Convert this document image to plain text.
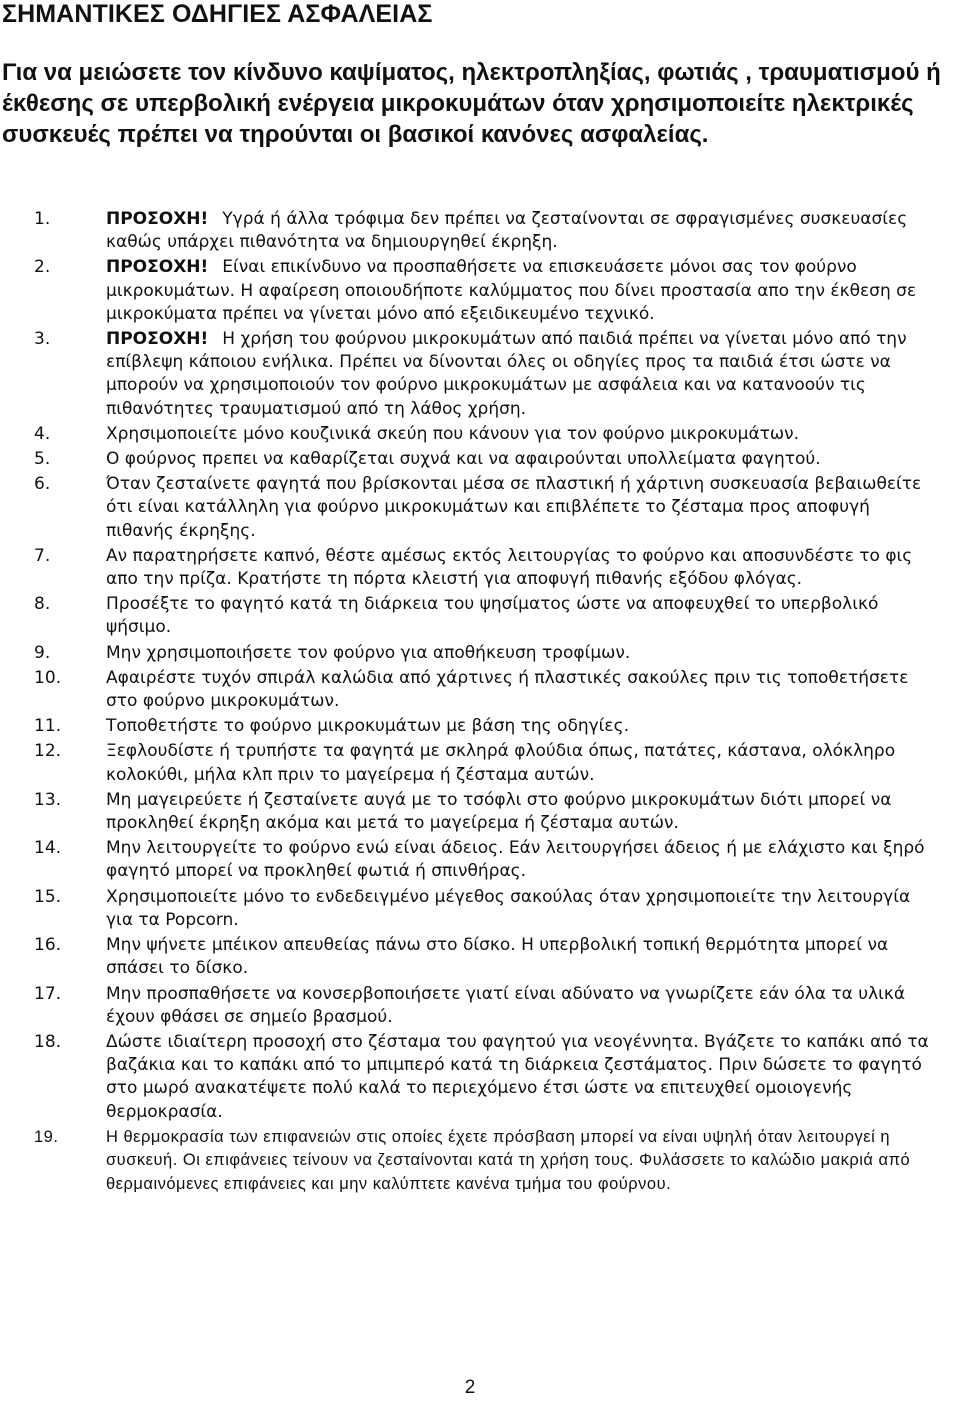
ΣΗΜΑΝΤΙΚΕΣ ΟΔΗΓΙΕΣ ΑΣΦΑΛΕΙΑΣ

Για να μειώσετε τον κίνδυνο καψίματος, ηλεκτροπληξίας, φωτιάς , τραυματισμού ή έκθεσης σε υπερβολική ενέργεια μικροκυμάτων όταν χρησιμοποιείτε ηλεκτρικές συσκευές πρέπει να τηρούνται οι βασικοί κανόνες ασφαλείας.

1.	ΠΡΟΣΟΧΗ! Υγρά ή άλλα τρόφιμα δεν πρέπει να ζεσταίνονται σε σφραγισμένες συσκευασίες καθώς υπάρχει πιθανότητα να δημιουργηθεί έκρηξη.
2.	ΠΡΟΣΟΧΗ! Είναι επικίνδυνο να προσπαθήσετε να επισκευάσετε μόνοι σας τον φούρνο μικροκυμάτων. Η αφαίρεση οποιουδήποτε καλύμματος που δίνει προστασία απο την έκθεση σε μικροκύματα πρέπει να γίνεται μόνο από εξειδικευμένο τεχνικό.
3.	ΠΡΟΣΟΧΗ! Η χρήση του φούρνου μικροκυμάτων από παιδιά πρέπει να γίνεται μόνο από την επίβλεψη κάποιου ενήλικα. Πρέπει να δίνονται όλες οι οδηγίες προς τα παιδιά έτσι ώστε να μπορούν να χρησιμοποιούν τον φούρνο μικροκυμάτων με ασφάλεια και να κατανοούν τις πιθανότητες τραυματισμού από τη λάθος χρήση.
4.	Χρησιμοποιείτε μόνο κουζινικά σκεύη που κάνουν για τον φούρνο μικροκυμάτων.
5.	Ο φούρνος πρεπει να καθαρίζεται συχνά και να αφαιρούνται υπολλείματα φαγητού.
6.	Όταν ζεσταίνετε φαγητά που βρίσκονται μέσα σε πλαστική ή χάρτινη συσκευασία βεβαιωθείτε ότι είναι κατάλληλη για φούρνο μικροκυμάτων και επιβλέπετε το ζέσταμα προς αποφυγή πιθανής έκρηξης.
7.	Αν παρατηρήσετε καπνό, θέστε αμέσως εκτός λειτουργίας το φούρνο και αποσυνδέστε το φις απο την πρίζα. Κρατήστε τη πόρτα κλειστή για αποφυγή πιθανής εξόδου φλόγας.
8.	Προσέξτε το φαγητό κατά τη διάρκεια του ψησίματος ώστε να αποφευχθεί το υπερβολικό ψήσιμο.
9.	Μην χρησιμοποιήσετε τον φούρνο για αποθήκευση τροφίμων.
10.	Αφαιρέστε τυχόν σπιράλ καλώδια από χάρτινες ή πλαστικές σακούλες πριν τις τοποθετήσετε στο φούρνο μικροκυμάτων.
11.	Τοποθετήστε το φούρνο μικροκυμάτων με βάση της οδηγίες.
12.	Ξεφλουδίστε ή τρυπήστε τα φαγητά με σκληρά φλούδια όπως, πατάτες, κάστανα, ολόκληρο κολοκύθι, μήλα κλπ πριν το μαγείρεμα ή ζέσταμα αυτών.
13.	Μη μαγειρεύετε ή ζεσταίνετε αυγά με το τσόφλι στο φούρνο μικροκυμάτων διότι μπορεί να προκληθεί έκρηξη ακόμα και μετά το μαγείρεμα ή ζέσταμα αυτών.
14.	Μην λειτουργείτε το φούρνο ενώ είναι άδειος. Εάν λειτουργήσει άδειος ή με ελάχιστο και ξηρό φαγητό μπορεί να προκληθεί φωτιά ή σπινθήρας.
15.	Χρησιμοποιείτε μόνο το ενδεδειγμένο μέγεθος σακούλας όταν χρησιμοποιείτε την λειτουργία για τα Popcorn.
16.	Μην ψήνετε μπέικον απευθείας πάνω στο δίσκο. Η υπερβολική τοπική θερμότητα μπορεί να σπάσει το δίσκο.
17.	Μην προσπαθήσετε να κονσερβοποιήσετε γιατί είναι αδύνατο να γνωρίζετε εάν όλα τα υλικά έχουν φθάσει σε σημείο βρασμού.
18.	Δώστε ιδιαίτερη προσοχή στο ζέσταμα του φαγητού για νεογέννητα. Βγάζετε το καπάκι από τα βαζάκια και το καπάκι από το μπιμπερό κατά τη διάρκεια ζεστάματος. Πριν δώσετε το φαγητό στο μωρό ανακατέψετε πολύ καλά το περιεχόμενο έτσι ώστε να επιτευχθεί ομοιογενής θερμοκρασία.
19.	Η θερμοκρασία των επιφανειών στις οποίες έχετε πρόσβαση μπορεί να είναι υψηλή όταν λειτουργεί η συσκευή. Οι επιφάνειες τείνουν να ζεσταίνονται κατά τη χρήση τους. Φυλάσσετε το καλώδιο μακριά από θερμαινόμενες επιφάνειες και μην καλύπτετε κανένα τμήμα του φούρνου.

2
